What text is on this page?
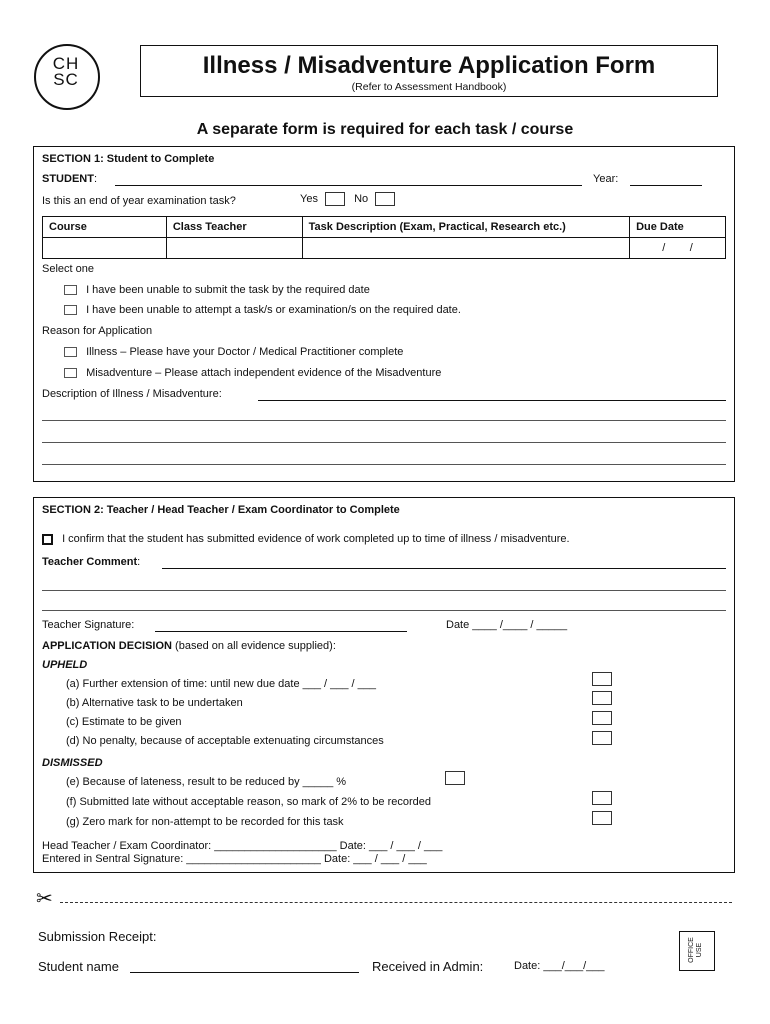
CH
SC
Illness / Misadventure Application Form
(Refer to Assessment Handbook)
A separate form is required for each task / course
SECTION 1: Student to Complete
STUDENT:	Year:
Is this an end of year examination task?	Yes	No
Course	Class Teacher	Task Description (Exam, Practical, Research etc.)	Due Date
			/        /
Select one
I have been unable to submit the task by the required date
I have been unable to attempt a task/s or examination/s on the required date.
Reason for Application
Illness – Please have your Doctor / Medical Practitioner complete
Misadventure – Please attach independent evidence of the Misadventure
Description of Illness / Misadventure:
SECTION 2: Teacher / Head Teacher / Exam Coordinator to Complete
I confirm that the student has submitted evidence of work completed up to time of illness / misadventure.
Teacher Comment:
Teacher Signature:	Date ____ /____ / _____
APPLICATION DECISION (based on all evidence supplied):
UPHELD
(a) Further extension of time: until new due date ___ / ___ / ___
(b) Alternative task to be undertaken
(c) Estimate to be given
(d) No penalty, because of acceptable extenuating circumstances
DISMISSED
(e) Because of lateness, result to be reduced by _____ %
(f) Submitted late without acceptable reason, so mark of 2% to be recorded
(g) Zero mark for non-attempt to be recorded for this task
Head Teacher / Exam Coordinator: ____________________ Date: ___ / ___ / ___
Entered in Sentral Signature: ______________________ Date: ___ / ___ / ___
✂
Submission Receipt:
Student name	Received in Admin:	Date: ___/___/___
OFFICE USE
